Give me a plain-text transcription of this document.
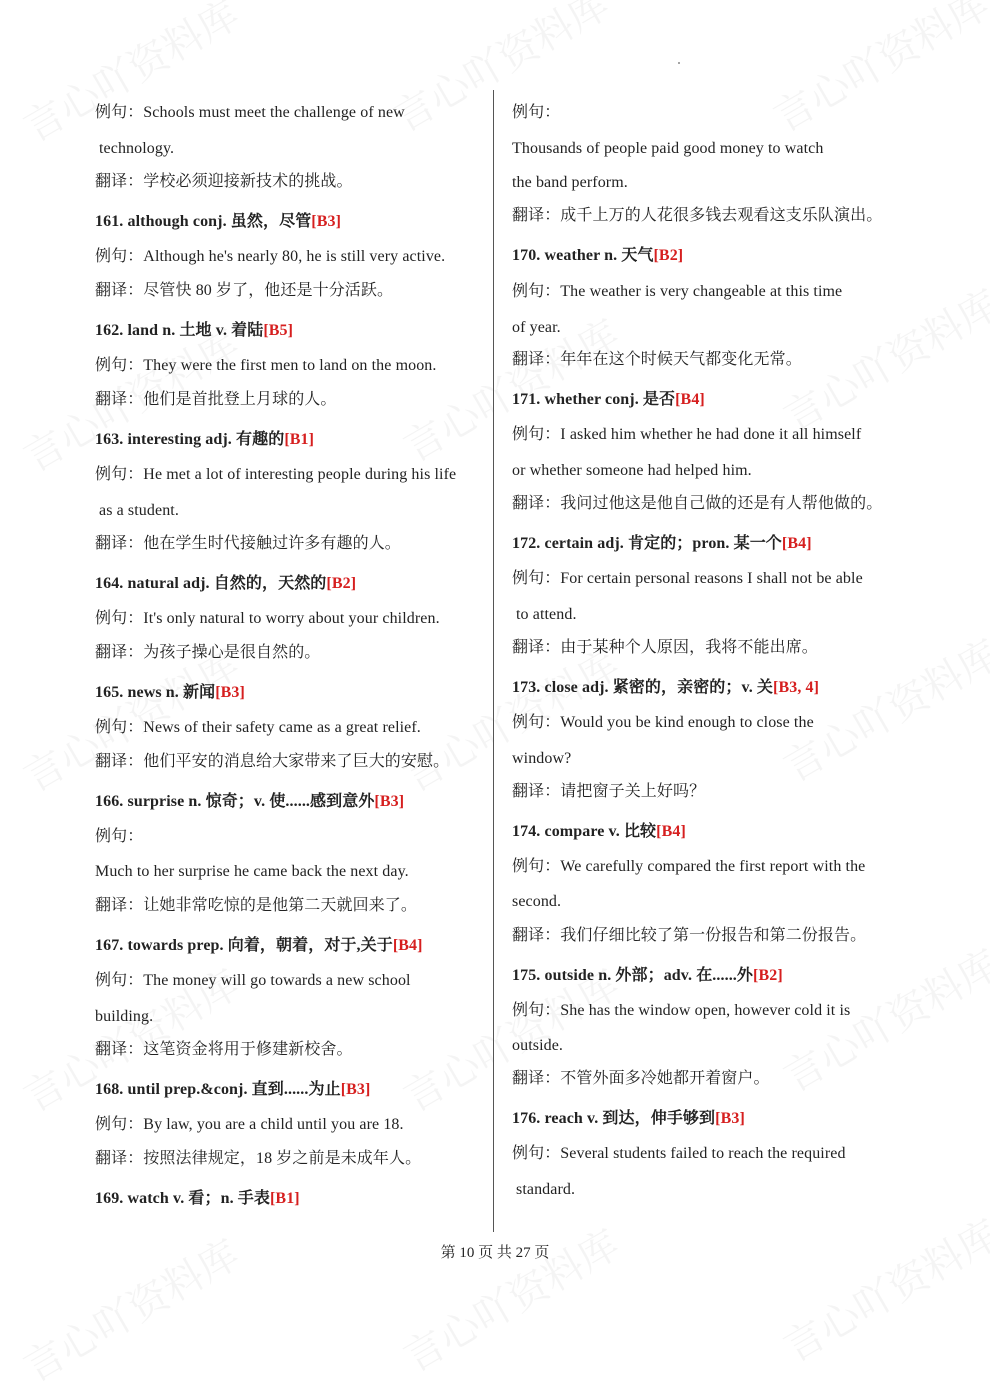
例句：Schools must meet the challenge of new
technology.
翻译：学校必须迎接新技术的挑战。
161. although conj. 虽然，尽管[B3]
例句：Although he's nearly 80, he is still very active.
翻译：尽管快 80 岁了，他还是十分活跃。
162. land n. 土地 v. 着陆[B5]
例句：They were the first men to land on the moon.
翻译：他们是首批登上月球的人。
163. interesting adj. 有趣的[B1]
例句：He met a lot of interesting people during his life
as a student.
翻译：他在学生时代接触过许多有趣的人。
164. natural adj. 自然的，天然的[B2]
例句：It's only natural to worry about your children.
翻译：为孩子操心是很自然的。
165. news n. 新闻[B3]
例句：News of their safety came as a great relief.
翻译：他们平安的消息给大家带来了巨大的安慰。
166. surprise n. 惊奇；v. 使......感到意外[B3]
例句：
Much to her surprise he came back the next day.
翻译：让她非常吃惊的是他第二天就回来了。
167. towards prep. 向着，朝着，对于,关于[B4]
例句：The money will go towards a new school
building.
翻译：这笔资金将用于修建新校舍。
168. until prep.&conj. 直到......为止[B3]
例句：By law, you are a child until you are 18.
翻译：按照法律规定，18 岁之前是未成年人。
169. watch v. 看；n. 手表[B1]
例句：
Thousands of people paid good money to watch
the band perform.
翻译：成千上万的人花很多钱去观看这支乐队演出。
170. weather n. 天气[B2]
例句：The weather is very changeable at this time
of year.
翻译：年年在这个时候天气都变化无常。
171. whether conj. 是否[B4]
例句：I asked him whether he had done it all himself
or whether someone had helped him.
翻译：我问过他这是他自己做的还是有人帮他做的。
172. certain adj. 肯定的；pron. 某一个[B4]
例句：For certain personal reasons I shall not be able
to attend.
翻译：由于某种个人原因，我将不能出席。
173. close adj. 紧密的，亲密的；v. 关[B3, 4]
例句：Would you be kind enough to close the
window?
翻译：请把窗子关上好吗？
174. compare v. 比较[B4]
例句：We carefully compared the first report with the
second.
翻译：我们仔细比较了第一份报告和第二份报告。
175. outside n. 外部；adv. 在......外[B2]
例句：She has the window open, however cold it is
outside.
翻译：不管外面多冷她都开着窗户。
176. reach v. 到达，伸手够到[B3]
例句：Several students failed to reach the required
standard.
第 10 页 共 27 页
